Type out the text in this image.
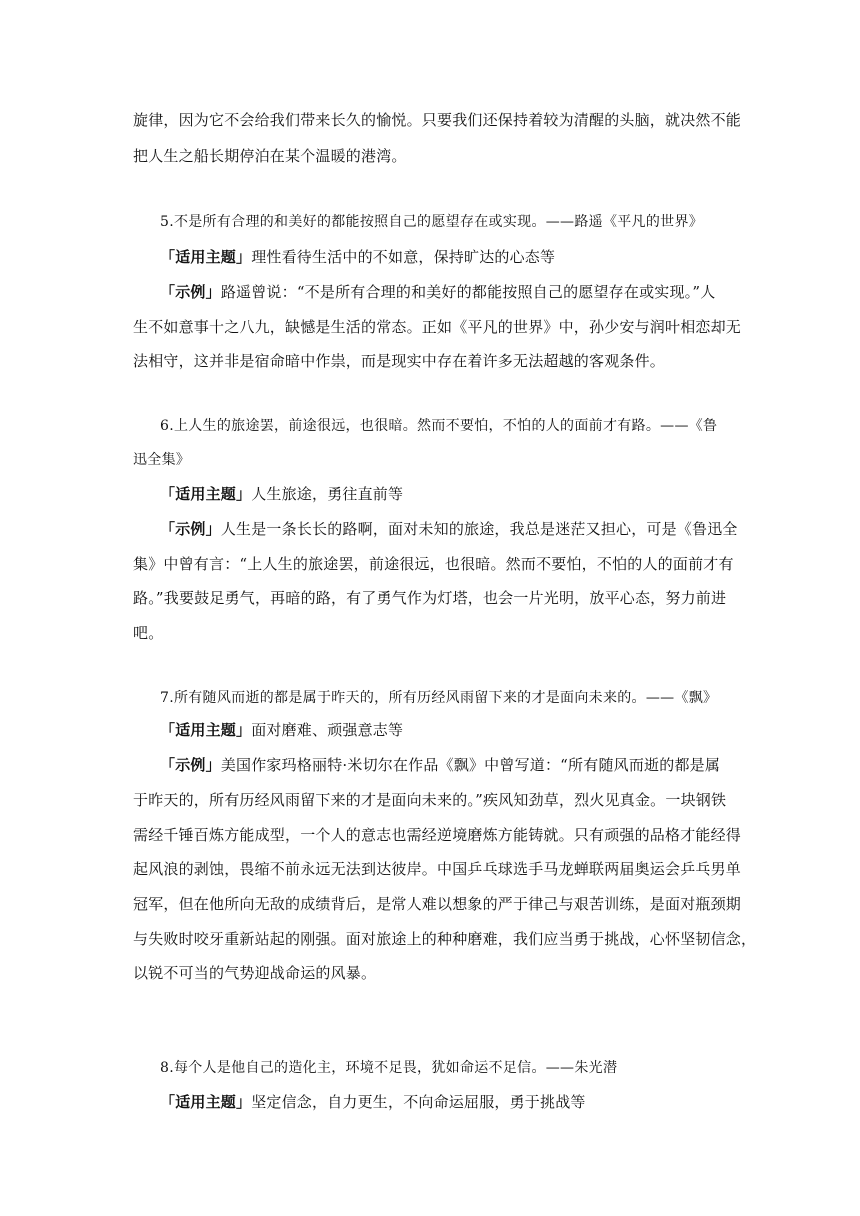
旋律，因为它不会给我们带来长久的愉悦。只要我们还保持着较为清醒的头脑，就决然不能
把人生之船长期停泊在某个温暖的港湾。
5.不是所有合理的和美好的都能按照自己的愿望存在或实现。——路遥《平凡的世界》
「适用主题」理性看待生活中的不如意，保持旷达的心态等
「示例」路遥曾说：“不是所有合理的和美好的都能按照自己的愿望存在或实现。”人
生不如意事十之八九，缺憾是生活的常态。正如《平凡的世界》中，孙少安与润叶相恋却无
法相守，这并非是宿命暗中作祟，而是现实中存在着许多无法超越的客观条件。
6.上人生的旅途罢，前途很远，也很暗。然而不要怕，不怕的人的面前才有路。——《鲁
迅全集》
「适用主题」人生旅途，勇往直前等
「示例」人生是一条长长的路啊，面对未知的旅途，我总是迷茫又担心，可是《鲁迅全
集》中曾有言：“上人生的旅途罢，前途很远，也很暗。然而不要怕，不怕的人的面前才有
路。”我要鼓足勇气，再暗的路，有了勇气作为灯塔，也会一片光明，放平心态，努力前进
吧。
7.所有随风而逝的都是属于昨天的，所有历经风雨留下来的才是面向未来的。——《飘》
「适用主题」面对磨难、顽强意志等
「示例」美国作家玛格丽特·米切尔在作品《飘》中曾写道：“所有随风而逝的都是属
于昨天的，所有历经风雨留下来的才是面向未来的。”疾风知劲草，烈火见真金。一块钢铁
需经千锤百炼方能成型，一个人的意志也需经逆境磨炼方能铸就。只有顽强的品格才能经得
起风浪的剥蚀，畏缩不前永远无法到达彼岸。中国乒乓球选手马龙蝉联两届奥运会乒乓男单
冠军，但在他所向无敌的成绩背后，是常人难以想象的严于律己与艰苦训练，是面对瓶颈期
与失败时咬牙重新站起的刚强。面对旅途上的种种磨难，我们应当勇于挑战，心怀坚韧信念，
以锐不可当的气势迎战命运的风暴。
8.每个人是他自己的造化主，环境不足畏，犹如命运不足信。——朱光潜
「适用主题」坚定信念，自力更生，不向命运屈服，勇于挑战等
